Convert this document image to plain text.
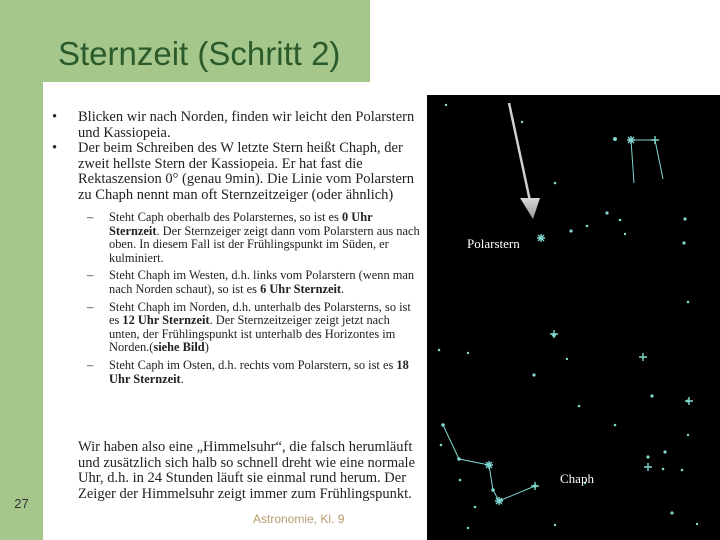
Sternzeit (Schritt 2)
• Blicken wir nach Norden, finden wir leicht den Polarstern und Kassiopeia.
• Der beim Schreiben des W letzte Stern heißt Chaph, der zweit hellste Stern der Kassiopeia. Er hat fast die Rektaszension 0° (genau 9min). Die Linie vom Polarstern zu Chaph nennt man oft Sternzeitzeiger (oder ähnlich)
– Steht Caph oberhalb des Polarsternes, so ist es 0 Uhr Sternzeit. Der Sternzeiger zeigt dann vom Polarstern aus nach oben. In diesem Fall ist der Frühlingspunkt im Süden, er kulminiert.
– Steht Chaph im Westen, d.h. links vom Polarstern (wenn man nach Norden schaut), so ist es 6 Uhr Sternzeit.
– Steht Chaph im Norden, d.h. unterhalb des Polarsterns, so ist es 12 Uhr Sternzeit. Der Sternzeitzeiger zeigt jetzt nach unten, der Frühlingspunkt ist unterhalb des Horizontes im Norden.(siehe Bild)
– Steht Caph im Osten, d.h. rechts vom Polarstern, so ist es 18 Uhr Sternzeit.
Wir haben also eine „Himmelsuhr“, die falsch herumläuft und zusätzlich sich halb so schnell dreht wie eine normale Uhr, d.h. in 24 Stunden läuft sie einmal rund herum. Der Zeiger der Himmelsuhr zeigt immer zum Frühlingspunkt.
Polarstern
Chaph
27
Astronomie, Kl. 9
